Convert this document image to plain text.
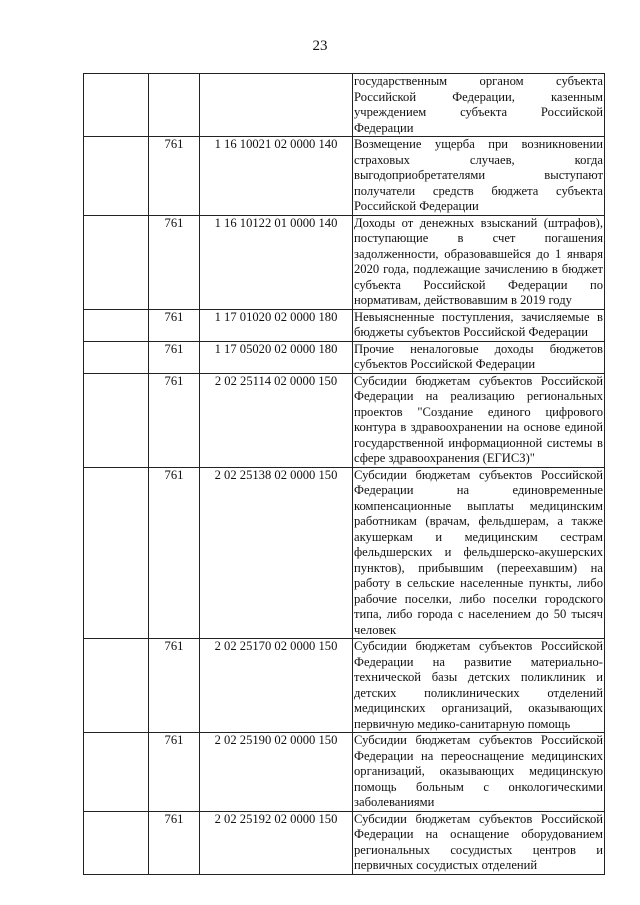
23
			государственным органом субъекта Российской Федерации, казенным учреждением субъекта Российской Федерации
	761	1 16 10021 02 0000 140	Возмещение ущерба при возникновении страховых случаев, когда выгодоприобретателями выступают получатели средств бюджета субъекта Российской Федерации
	761	1 16 10122 01 0000 140	Доходы от денежных взысканий (штрафов), поступающие в счет погашения задолженности, образовавшейся до 1 января 2020 года, подлежащие зачислению в бюджет субъекта Российской Федерации по нормативам, действовавшим в 2019 году
	761	1 17 01020 02 0000 180	Невыясненные поступления, зачисляемые в бюджеты субъектов Российской Федерации
	761	1 17 05020 02 0000 180	Прочие неналоговые доходы бюджетов субъектов Российской Федерации
	761	2 02 25114 02 0000 150	Субсидии бюджетам субъектов Российской Федерации на реализацию региональных проектов "Создание единого цифрового контура в здравоохранении на основе единой государственной информационной системы в сфере здравоохранения (ЕГИСЗ)"
	761	2 02 25138 02 0000 150	Субсидии бюджетам субъектов Российской Федерации на единовременные компенсационные выплаты медицинским работникам (врачам, фельдшерам, а также акушеркам и медицинским сестрам фельдшерских и фельдшерско-акушерских пунктов), прибывшим (переехавшим) на работу в сельские населенные пункты, либо рабочие поселки, либо поселки городского типа, либо города с населением до 50 тысяч человек
	761	2 02 25170 02 0000 150	Субсидии бюджетам субъектов Российской Федерации на развитие материально-технической базы детских поликлиник и детских поликлинических отделений медицинских организаций, оказывающих первичную медико-санитарную помощь
	761	2 02 25190 02 0000 150	Субсидии бюджетам субъектов Российской Федерации на переоснащение медицинских организаций, оказывающих медицинскую помощь больным с онкологическими заболеваниями
	761	2 02 25192 02 0000 150	Субсидии бюджетам субъектов Российской Федерации на оснащение оборудованием региональных сосудистых центров и первичных сосудистых отделений
